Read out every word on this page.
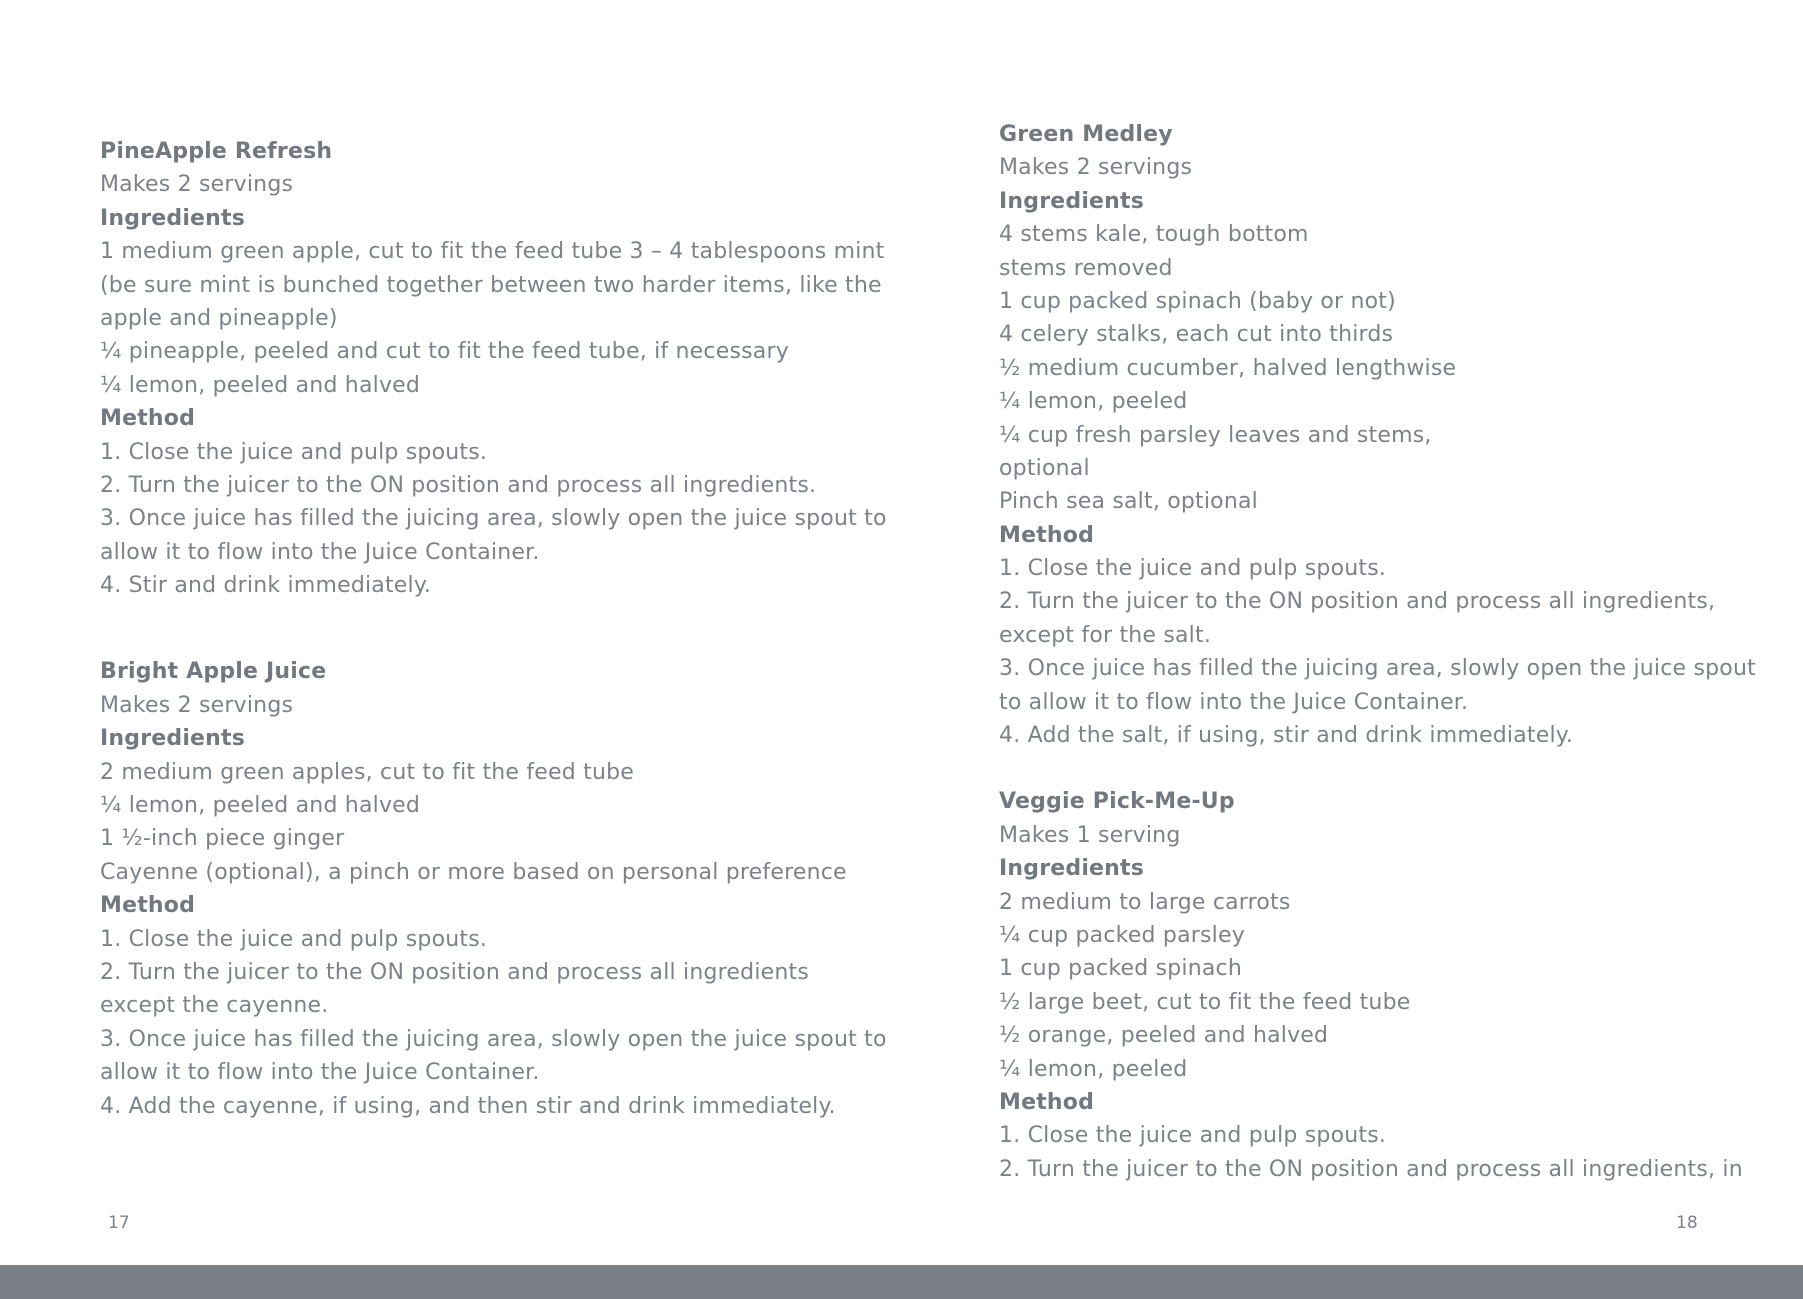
PineApple Refresh
Makes 2 servings
Ingredients
1 medium green apple, cut to fit the feed tube 3 – 4 tablespoons mint
(be sure mint is bunched together between two harder items, like the
apple and pineapple)
¼ pineapple, peeled and cut to fit the feed tube, if necessary
¼ lemon, peeled and halved
Method
1. Close the juice and pulp spouts.
2. Turn the juicer to the ON position and process all ingredients.
3. Once juice has filled the juicing area, slowly open the juice spout to
allow it to flow into the Juice Container.
4. Stir and drink immediately.
Bright Apple Juice
Makes 2 servings
Ingredients
2 medium green apples, cut to fit the feed tube
¼ lemon, peeled and halved
1 ½-inch piece ginger
Cayenne (optional), a pinch or more based on personal preference
Method
1. Close the juice and pulp spouts.
2. Turn the juicer to the ON position and process all ingredients
except the cayenne.
3. Once juice has filled the juicing area, slowly open the juice spout to
allow it to flow into the Juice Container.
4. Add the cayenne, if using, and then stir and drink immediately.
Green Medley
Makes 2 servings
Ingredients
4 stems kale, tough bottom
stems removed
1 cup packed spinach (baby or not)
4 celery stalks, each cut into thirds
½ medium cucumber, halved lengthwise
¼ lemon, peeled
¼ cup fresh parsley leaves and stems,
optional
Pinch sea salt, optional
Method
1. Close the juice and pulp spouts.
2. Turn the juicer to the ON position and process all ingredients,
except for the salt.
3. Once juice has filled the juicing area, slowly open the juice spout
to allow it to flow into the Juice Container.
4. Add the salt, if using, stir and drink immediately.
Veggie Pick-Me-Up
Makes 1 serving
Ingredients
2 medium to large carrots
¼ cup packed parsley
1 cup packed spinach
½ large beet, cut to fit the feed tube
½ orange, peeled and halved
¼ lemon, peeled
Method
1. Close the juice and pulp spouts.
2. Turn the juicer to the ON position and process all ingredients, in
17	18
